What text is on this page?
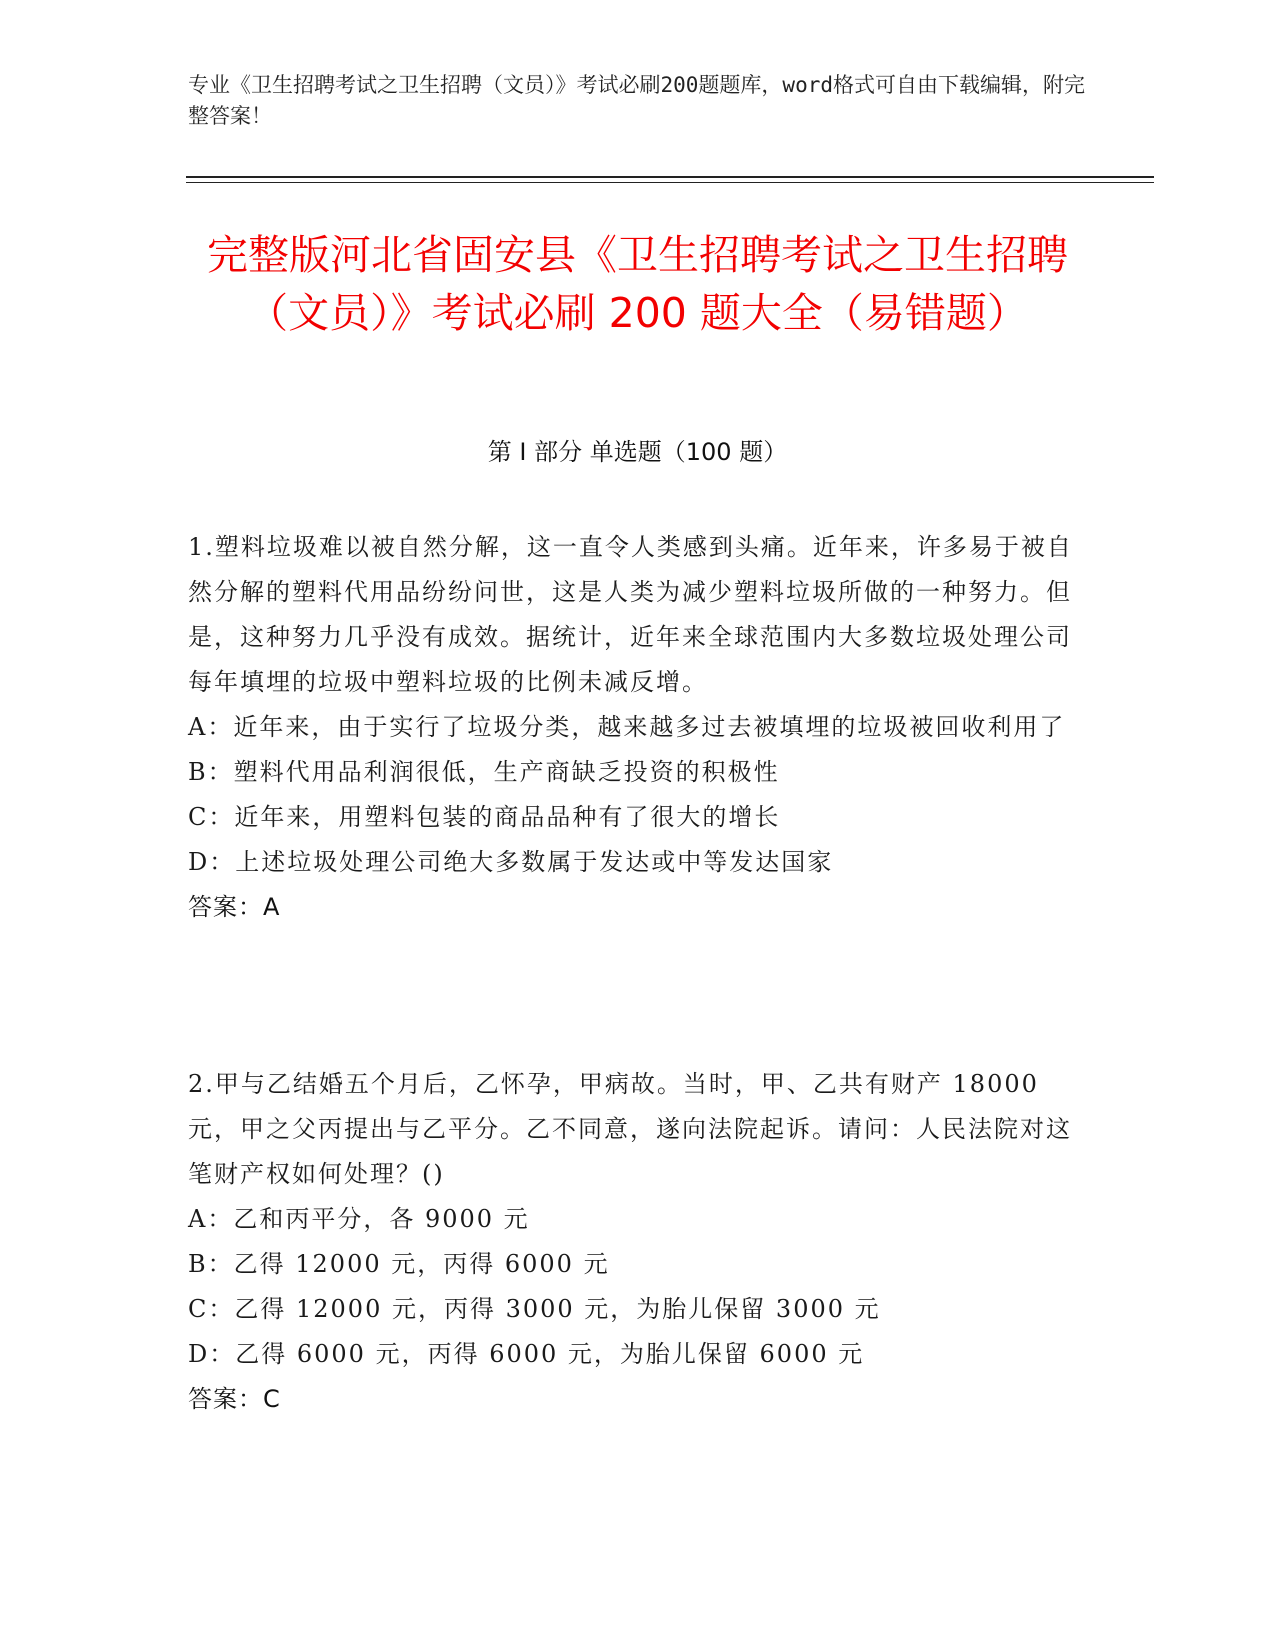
专业《卫生招聘考试之卫生招聘（文员）》考试必刷200题题库，word格式可自由下载编辑，附完整答案！
完整版河北省固安县《卫生招聘考试之卫生招聘（文员）》考试必刷 200 题大全（易错题）
第 I 部分 单选题（100 题）

1.塑料垃圾难以被自然分解，这一直令人类感到头痛。近年来，许多易于被自然分解的塑料代用品纷纷问世，这是人类为减少塑料垃圾所做的一种努力。但是，这种努力几乎没有成效。据统计，近年来全球范围内大多数垃圾处理公司每年填埋的垃圾中塑料垃圾的比例未减反增。

A：近年来，由于实行了垃圾分类，越来越多过去被填埋的垃圾被回收利用了

B：塑料代用品利润很低，生产商缺乏投资的积极性

C：近年来，用塑料包装的商品品种有了很大的增长

D：上述垃圾处理公司绝大多数属于发达或中等发达国家

答案：A

2.甲与乙结婚五个月后，乙怀孕，甲病故。当时，甲、乙共有财产 18000 元，甲之父丙提出与乙平分。乙不同意，遂向法院起诉。请问：人民法院对这笔财产权如何处理？()

A：乙和丙平分，各 9000 元

B：乙得 12000 元，丙得 6000 元

C：乙得 12000 元，丙得 3000 元，为胎儿保留 3000 元

D：乙得 6000 元，丙得 6000 元，为胎儿保留 6000 元

答案：C
